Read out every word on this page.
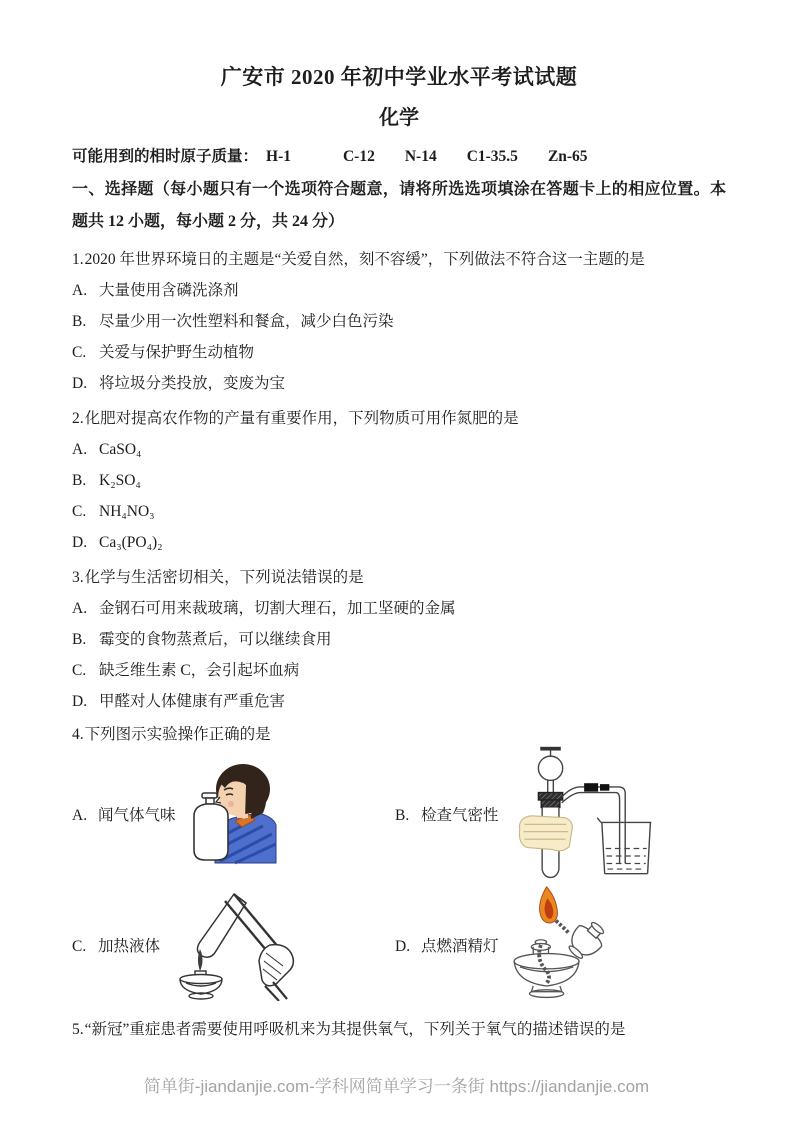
广安市 2020 年初中学业水平考试试题
化学

可能用到的相时原子质量： H-1	C-12 N-14 C1-35.5 Zn-65

一、选择题（每小题只有一个选项符合题意，请将所选选项填涂在答题卡上的相应位置。本题共 12 小题，每小题 2 分，共 24 分）

1.2020 年世界环境日的主题是“关爱自然，刻不容缓”，下列做法不符合这一主题的是

A. 大量使用含磷洗涤剂

B. 尽量少用一次性塑料和餐盒，减少白色污染

C. 关爱与保护野生动植物

D. 将垃圾分类投放，变废为宝

2.化肥对提高农作物的产量有重要作用，下列物质可用作氮肥的是

A. CaSO₄

B. K₂SO₄

C. NH₄NO₃

D. Ca₃(PO₄)₂

3.化学与生活密切相关，下列说法错误的是

A. 金钢石可用来裁玻璃，切割大理石，加工坚硬的金属

B. 霉变的食物蒸煮后，可以继续食用

C. 缺乏维生素 C，会引起坏血病

D. 甲醛对人体健康有严重危害

4.下列图示实验操作正确的是

A. 闻气体气味	B. 检查气密性
C. 加热液体	D. 点燃酒精灯

5.“新冠”重症患者需要使用呼吸机来为其提供氧气，下列关于氧气的描述错误的是

简单街-jiandanjie.com-学科网简单学习一条街 https://jiandanjie.com
